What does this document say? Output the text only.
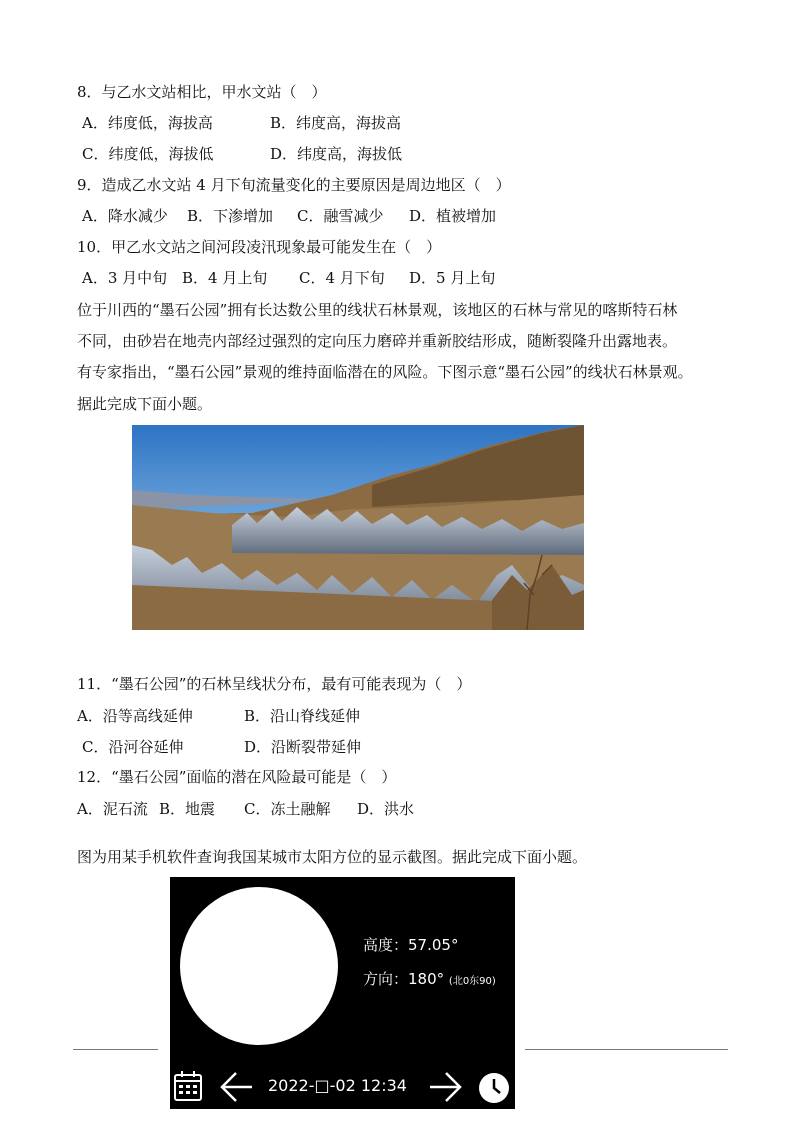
8．与乙水文站相比，甲水文站（　）
A．纬度低，海拔高	B．纬度高，海拔高
C．纬度低，海拔低	D．纬度高，海拔低
9．造成乙水文站 4 月下旬流量变化的主要原因是周边地区（　）
A．降水减少 B．下渗增加 C．融雪减少 D．植被增加
10．甲乙水文站之间河段凌汛现象最可能发生在（　）
A．3 月中旬 B．4 月上旬 C．4 月下旬 D．5 月上旬
位于川西的“墨石公园”拥有长达数公里的线状石林景观，该地区的石林与常见的喀斯特石林
不同，由砂岩在地壳内部经过强烈的定向压力磨碎并重新胶结形成，随断裂隆升出露地表。
有专家指出，“墨石公园”景观的维持面临潜在的风险。下图示意“墨石公园”的线状石林景观。
据此完成下面小题。
11．“墨石公园”的石林呈线状分布，最有可能表现为（　）
A．沿等高线延伸	B．沿山脊线延伸
C．沿河谷延伸	D．沿断裂带延伸
12．“墨石公园”面临的潜在风险最可能是（　）
A．泥石流 B．地震 C．冻土融解 D．洪水
图为用某手机软件查询我国某城市太阳方位的显示截图。据此完成下面小题。
高度：57.05°
方向：180° (北0东90)
2022-□-02 12:34
